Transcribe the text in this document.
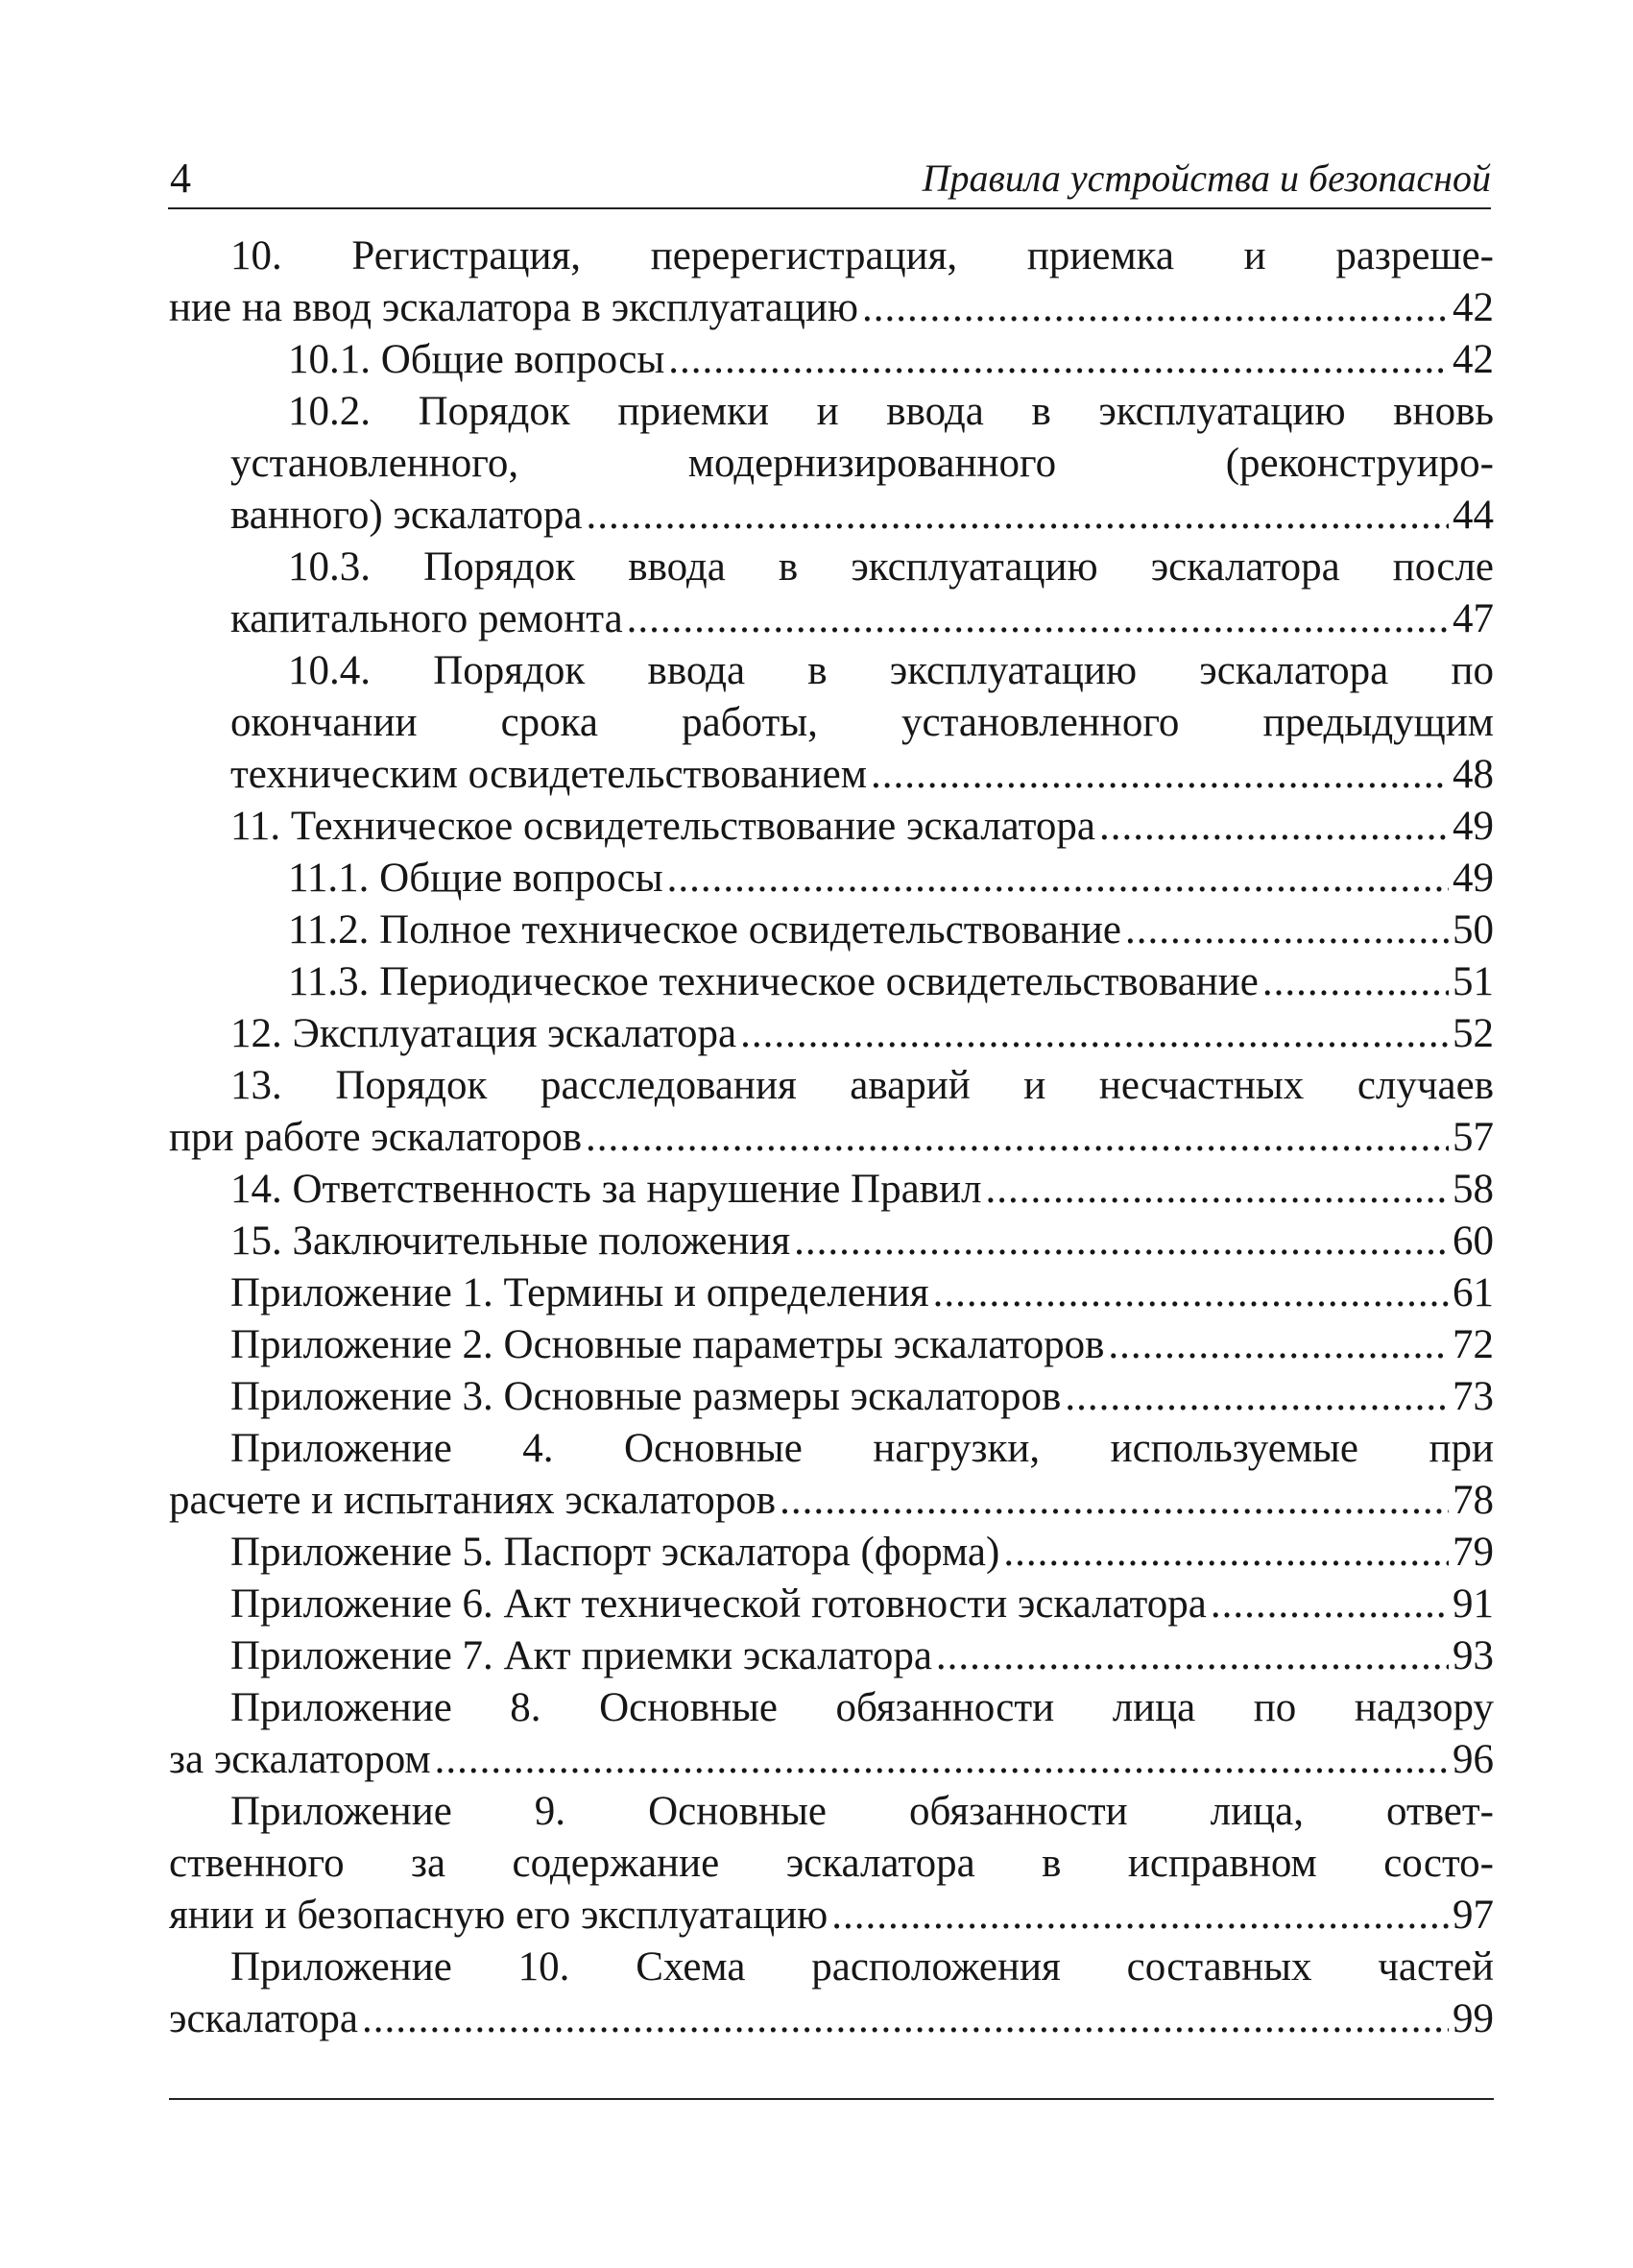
4	Правила устройства и безопасной
10. Регистрация, перерегистрация, приемка и разреше-
ние на ввод эскалатора в эксплуатацию .....	42
10.1. Общие вопросы .....	42
10.2. Порядок приемки и ввода в эксплуатацию вновь
установленного, модернизированного (реконструиро-
ванного) эскалатора .....	44
10.3. Порядок ввода в эксплуатацию эскалатора после
капитального ремонта .....	47
10.4. Порядок ввода в эксплуатацию эскалатора по
окончании срока работы, установленного предыдущим
техническим освидетельствованием .....	48
11. Техническое освидетельствование эскалатора .....	49
11.1. Общие вопросы .....	49
11.2. Полное техническое освидетельствование .....	50
11.3. Периодическое техническое освидетельствование .....	51
12. Эксплуатация эскалатора .....	52
13. Порядок расследования аварий и несчастных случаев
при работе эскалаторов .....	57
14. Ответственность за нарушение Правил .....	58
15. Заключительные положения .....	60
Приложение 1. Термины и определения .....	61
Приложение 2. Основные параметры эскалаторов .....	72
Приложение 3. Основные размеры эскалаторов .....	73
Приложение 4. Основные нагрузки, используемые при
расчете и испытаниях эскалаторов .....	78
Приложение 5. Паспорт эскалатора (форма) .....	79
Приложение 6. Акт технической готовности эскалатора .....	91
Приложение 7. Акт приемки эскалатора .....	93
Приложение 8. Основные обязанности лица по надзору
за эскалатором .....	96
Приложение 9. Основные обязанности лица, ответ-
ственного за содержание эскалатора в исправном состо-
янии и безопасную его эксплуатацию .....	97
Приложение 10. Схема расположения составных частей
эскалатора .....	99
